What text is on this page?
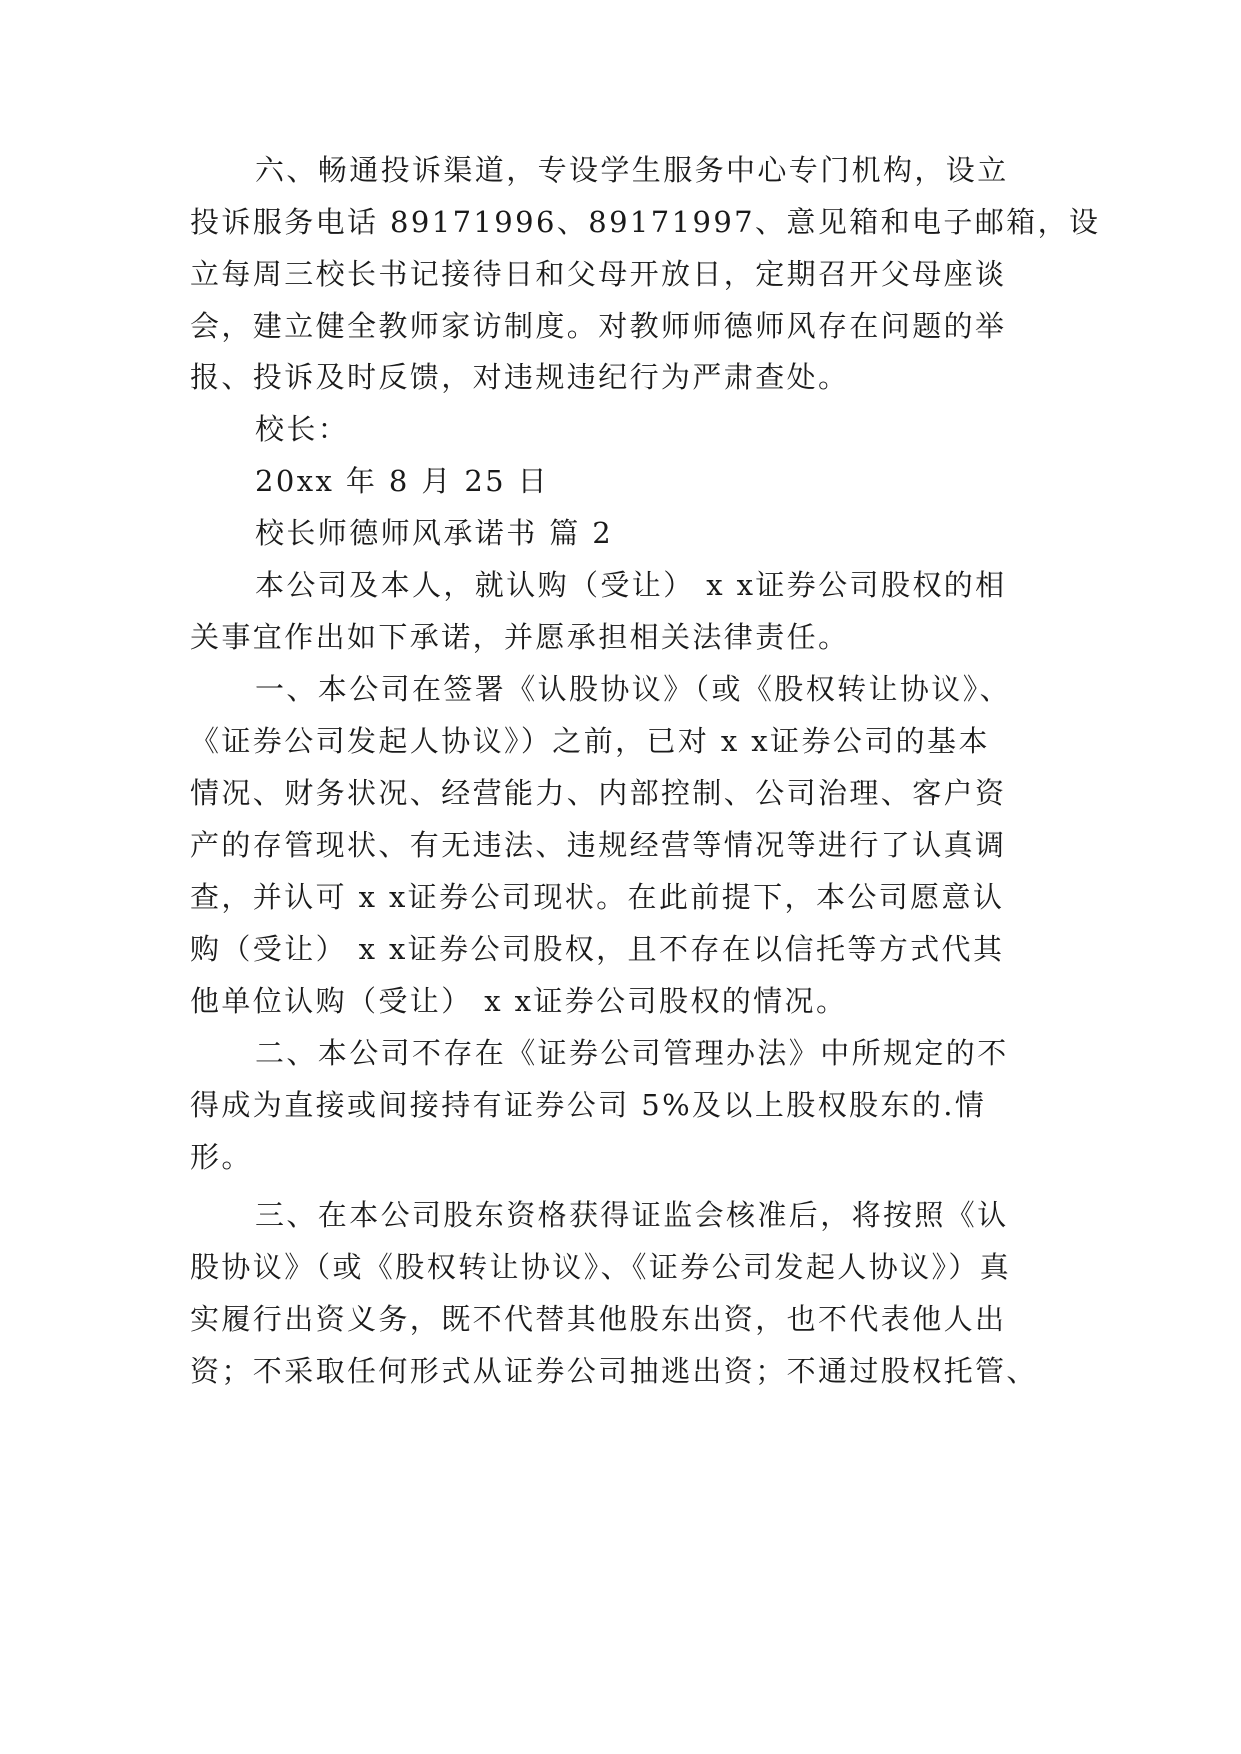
六、畅通投诉渠道，专设学生服务中心专门机构，设立
投诉服务电话 89171996、89171997、意见箱和电子邮箱，设
立每周三校长书记接待日和父母开放日，定期召开父母座谈
会，建立健全教师家访制度。对教师师德师风存在问题的举
报、投诉及时反馈，对违规违纪行为严肃查处。
校长：
20xx 年 8 月 25 日
校长师德师风承诺书 篇 2
本公司及本人，就认购（受让） x x证券公司股权的相
关事宜作出如下承诺，并愿承担相关法律责任。
一、本公司在签署《认股协议》（或《股权转让协议》、
《证券公司发起人协议》）之前，已对 x x证券公司的基本
情况、财务状况、经营能力、内部控制、公司治理、客户资
产的存管现状、有无违法、违规经营等情况等进行了认真调
查，并认可 x x证券公司现状。在此前提下，本公司愿意认
购（受让） x x证券公司股权，且不存在以信托等方式代其
他单位认购（受让） x x证券公司股权的情况。
二、本公司不存在《证券公司管理办法》中所规定的不
得成为直接或间接持有证券公司 5%及以上股权股东的.情
形。
三、在本公司股东资格获得证监会核准后，将按照《认
股协议》（或《股权转让协议》、《证券公司发起人协议》）真
实履行出资义务，既不代替其他股东出资，也不代表他人出
资；不采取任何形式从证券公司抽逃出资；不通过股权托管、
